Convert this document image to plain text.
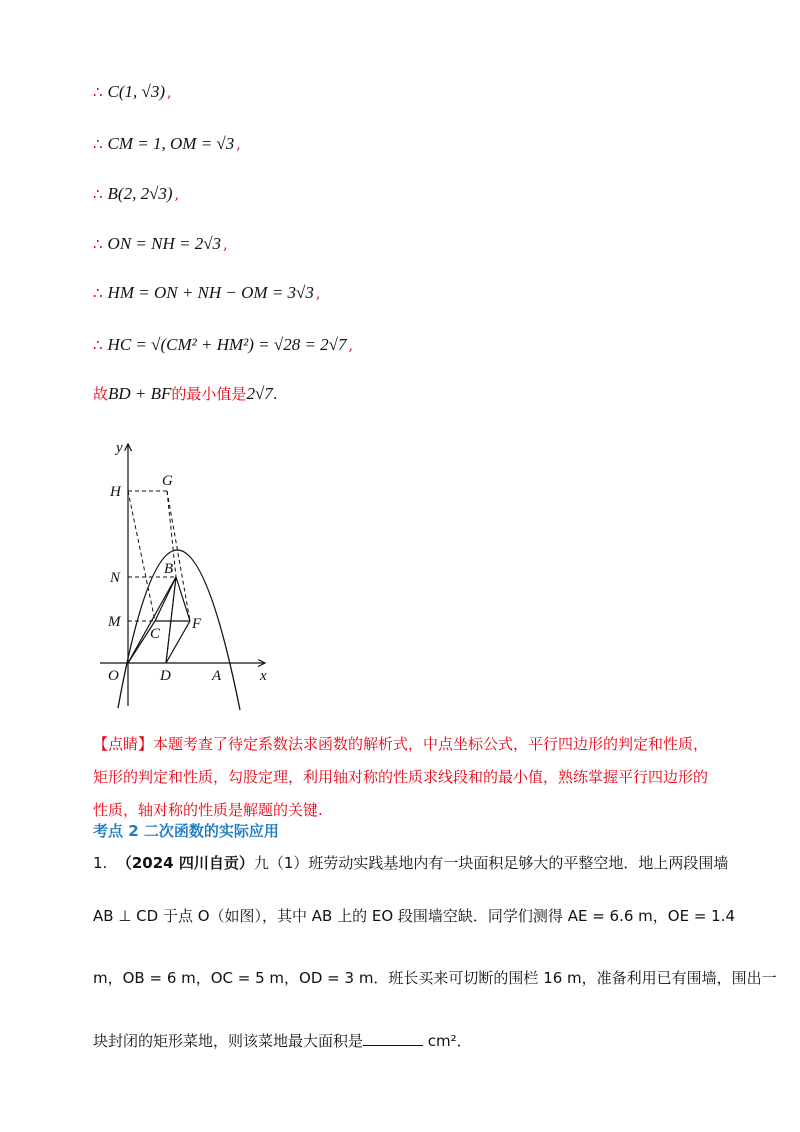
∴ C(1, √3) ,
∴ CM = 1, OM = √3 ,
∴ B(2, 2√3) ,
∴ ON = NH = 2√3 ,
∴ HM = ON + NH − OM = 3√3 ,
∴ HC = √(CM² + HM²) = √28 = 2√7 ,
故BD + BF的最小值是2√7.
y
x
H
G
N
B
M
C
F
O	D	A
【点睛】本题考查了待定系数法求函数的解析式，中点坐标公式，平行四边形的判定和性质，矩形的判定和性质，勾股定理，利用轴对称的性质求线段和的最小值，熟练掌握平行四边形的性质，轴对称的性质是解题的关键.
考点 2 二次函数的实际应用
1. （2024 四川自贡）九（1）班劳动实践基地内有一块面积足够大的平整空地．地上两段围墙
AB ⊥ CD 于点 O（如图），其中 AB 上的 EO 段围墙空缺．同学们测得 AE = 6.6 m，OE = 1.4
m，OB = 6 m，OC = 5 m，OD = 3 m．班长买来可切断的围栏 16 m，准备利用已有围墙，围出一
块封闭的矩形菜地，则该菜地最大面积是	cm²．
